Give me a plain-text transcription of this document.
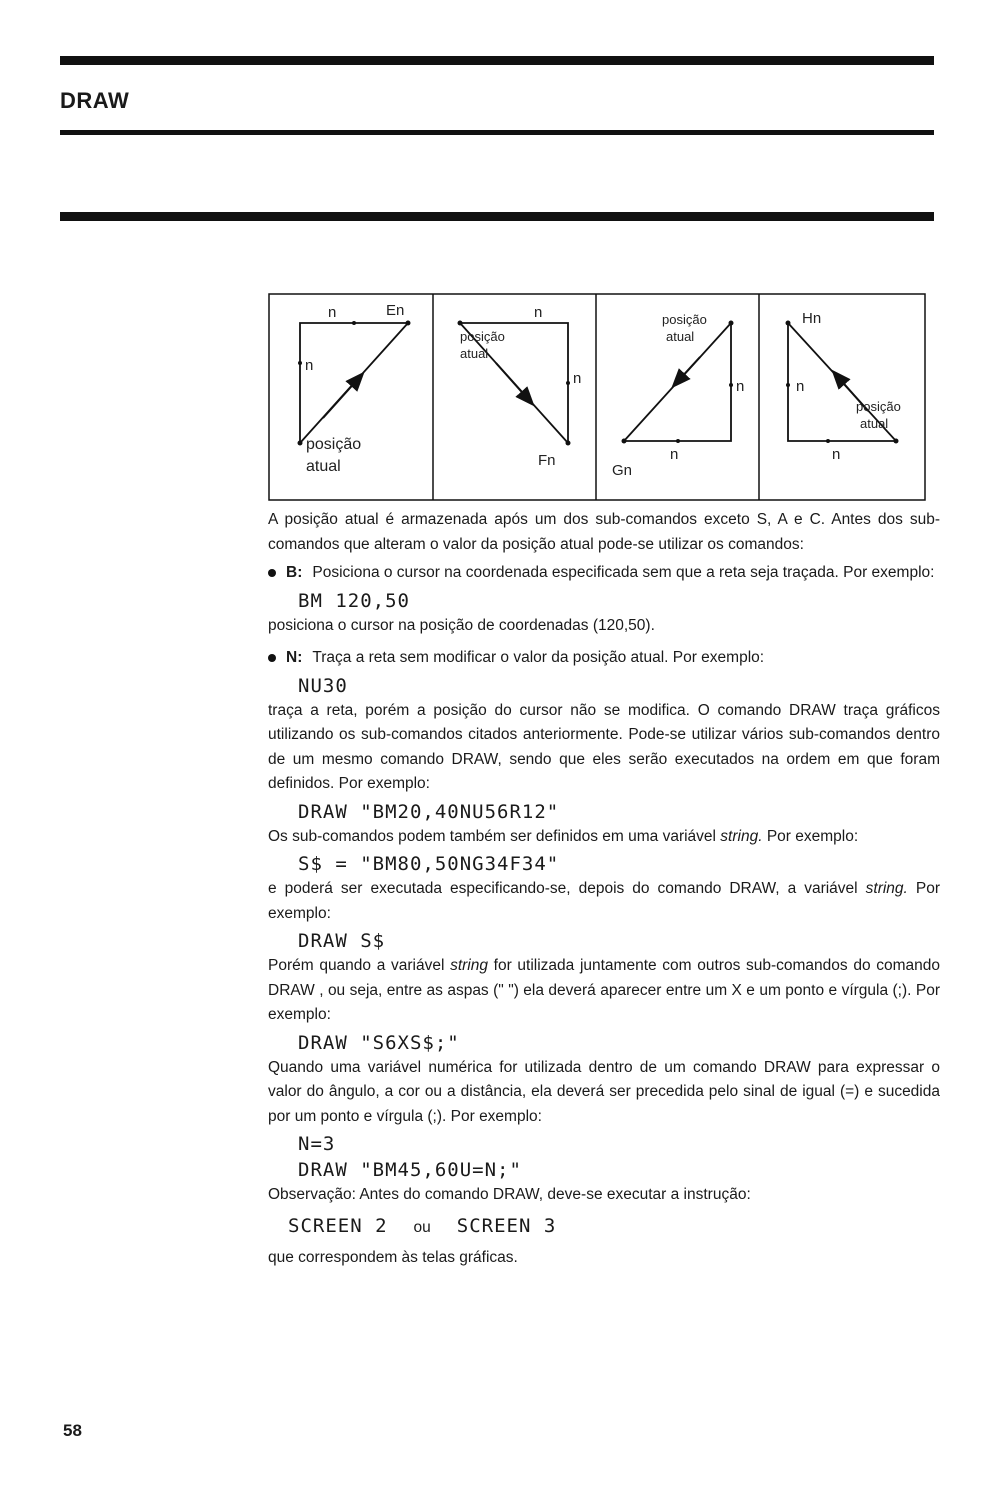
DRAW
n	En
n
posição
atual
n
posição
atual
n
Fn
posição
atual
n
n
Gn
Hn
n
posição
atual
n

A posição atual é armazenada após um dos sub-comandos exceto S, A e C. Antes dos sub-comandos que alteram o valor da posição atual pode-se utilizar os comandos:

B: Posiciona o cursor na coordenada especificada sem que a reta seja traçada. Por exemplo:

BM 120,50

posiciona o cursor na posição de coordenadas (120,50).

N: Traça a reta sem modificar o valor da posição atual. Por exemplo:

NU30

traça a reta, porém a posição do cursor não se modifica. O comando DRAW traça gráficos utilizando os sub-comandos citados anteriormente. Pode-se utilizar vários sub-comandos dentro de um mesmo comando DRAW, sendo que eles serão executados na ordem em que foram definidos. Por exemplo:

DRAW "BM20,40NU56R12"

Os sub-comandos podem também ser definidos em uma variável string. Por exemplo:

S$ = "BM80,50NG34F34"

e poderá ser executada especificando-se, depois do comando DRAW, a variável string. Por exemplo:

DRAW S$

Porém quando a variável string for utilizada juntamente com outros sub-comandos do comando DRAW , ou seja, entre as aspas (" ") ela deverá aparecer entre um X e um ponto e vírgula (;). Por exemplo:

DRAW "S6XS$;"

Quando uma variável numérica for utilizada dentro de um comando DRAW para expressar o valor do ângulo, a cor ou a distância, ela deverá ser precedida pelo sinal de igual (=) e sucedida por um ponto e vírgula (;). Por exemplo:

N=3
DRAW "BM45,60U=N;"

Observação: Antes do comando DRAW, deve-se executar a instrução:

SCREEN 2 ou SCREEN 3

que correspondem às telas gráficas.

58
